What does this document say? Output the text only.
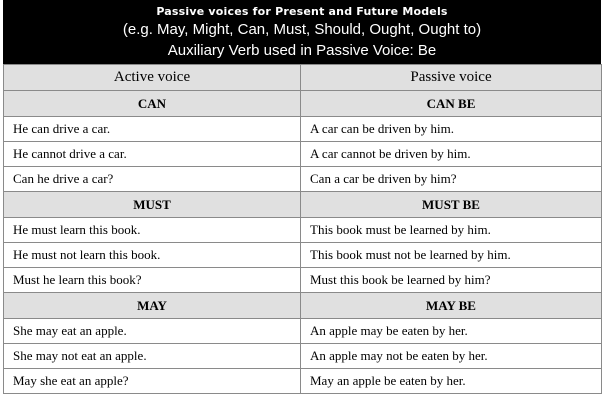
Passive voices for Present and Future Models
(e.g. May, Might, Can, Must, Should, Ought, Ought to)
Auxiliary Verb used in Passive Voice: Be
Active voice	Passive voice
CAN	CAN BE
He can drive a car.	A car can be driven by him.
He cannot drive a car.	A car cannot be driven by him.
Can he drive a car?	Can a car be driven by him?
MUST	MUST BE
He must learn this book.	This book must be learned by him.
He must not learn this book.	This book must not be learned by him.
Must he learn this book?	Must this book be learned by him?
MAY	MAY BE
She may eat an apple.	An apple may be eaten by her.
She may not eat an apple.	An apple may not be eaten by her.
May she eat an apple?	May an apple be eaten by her.
